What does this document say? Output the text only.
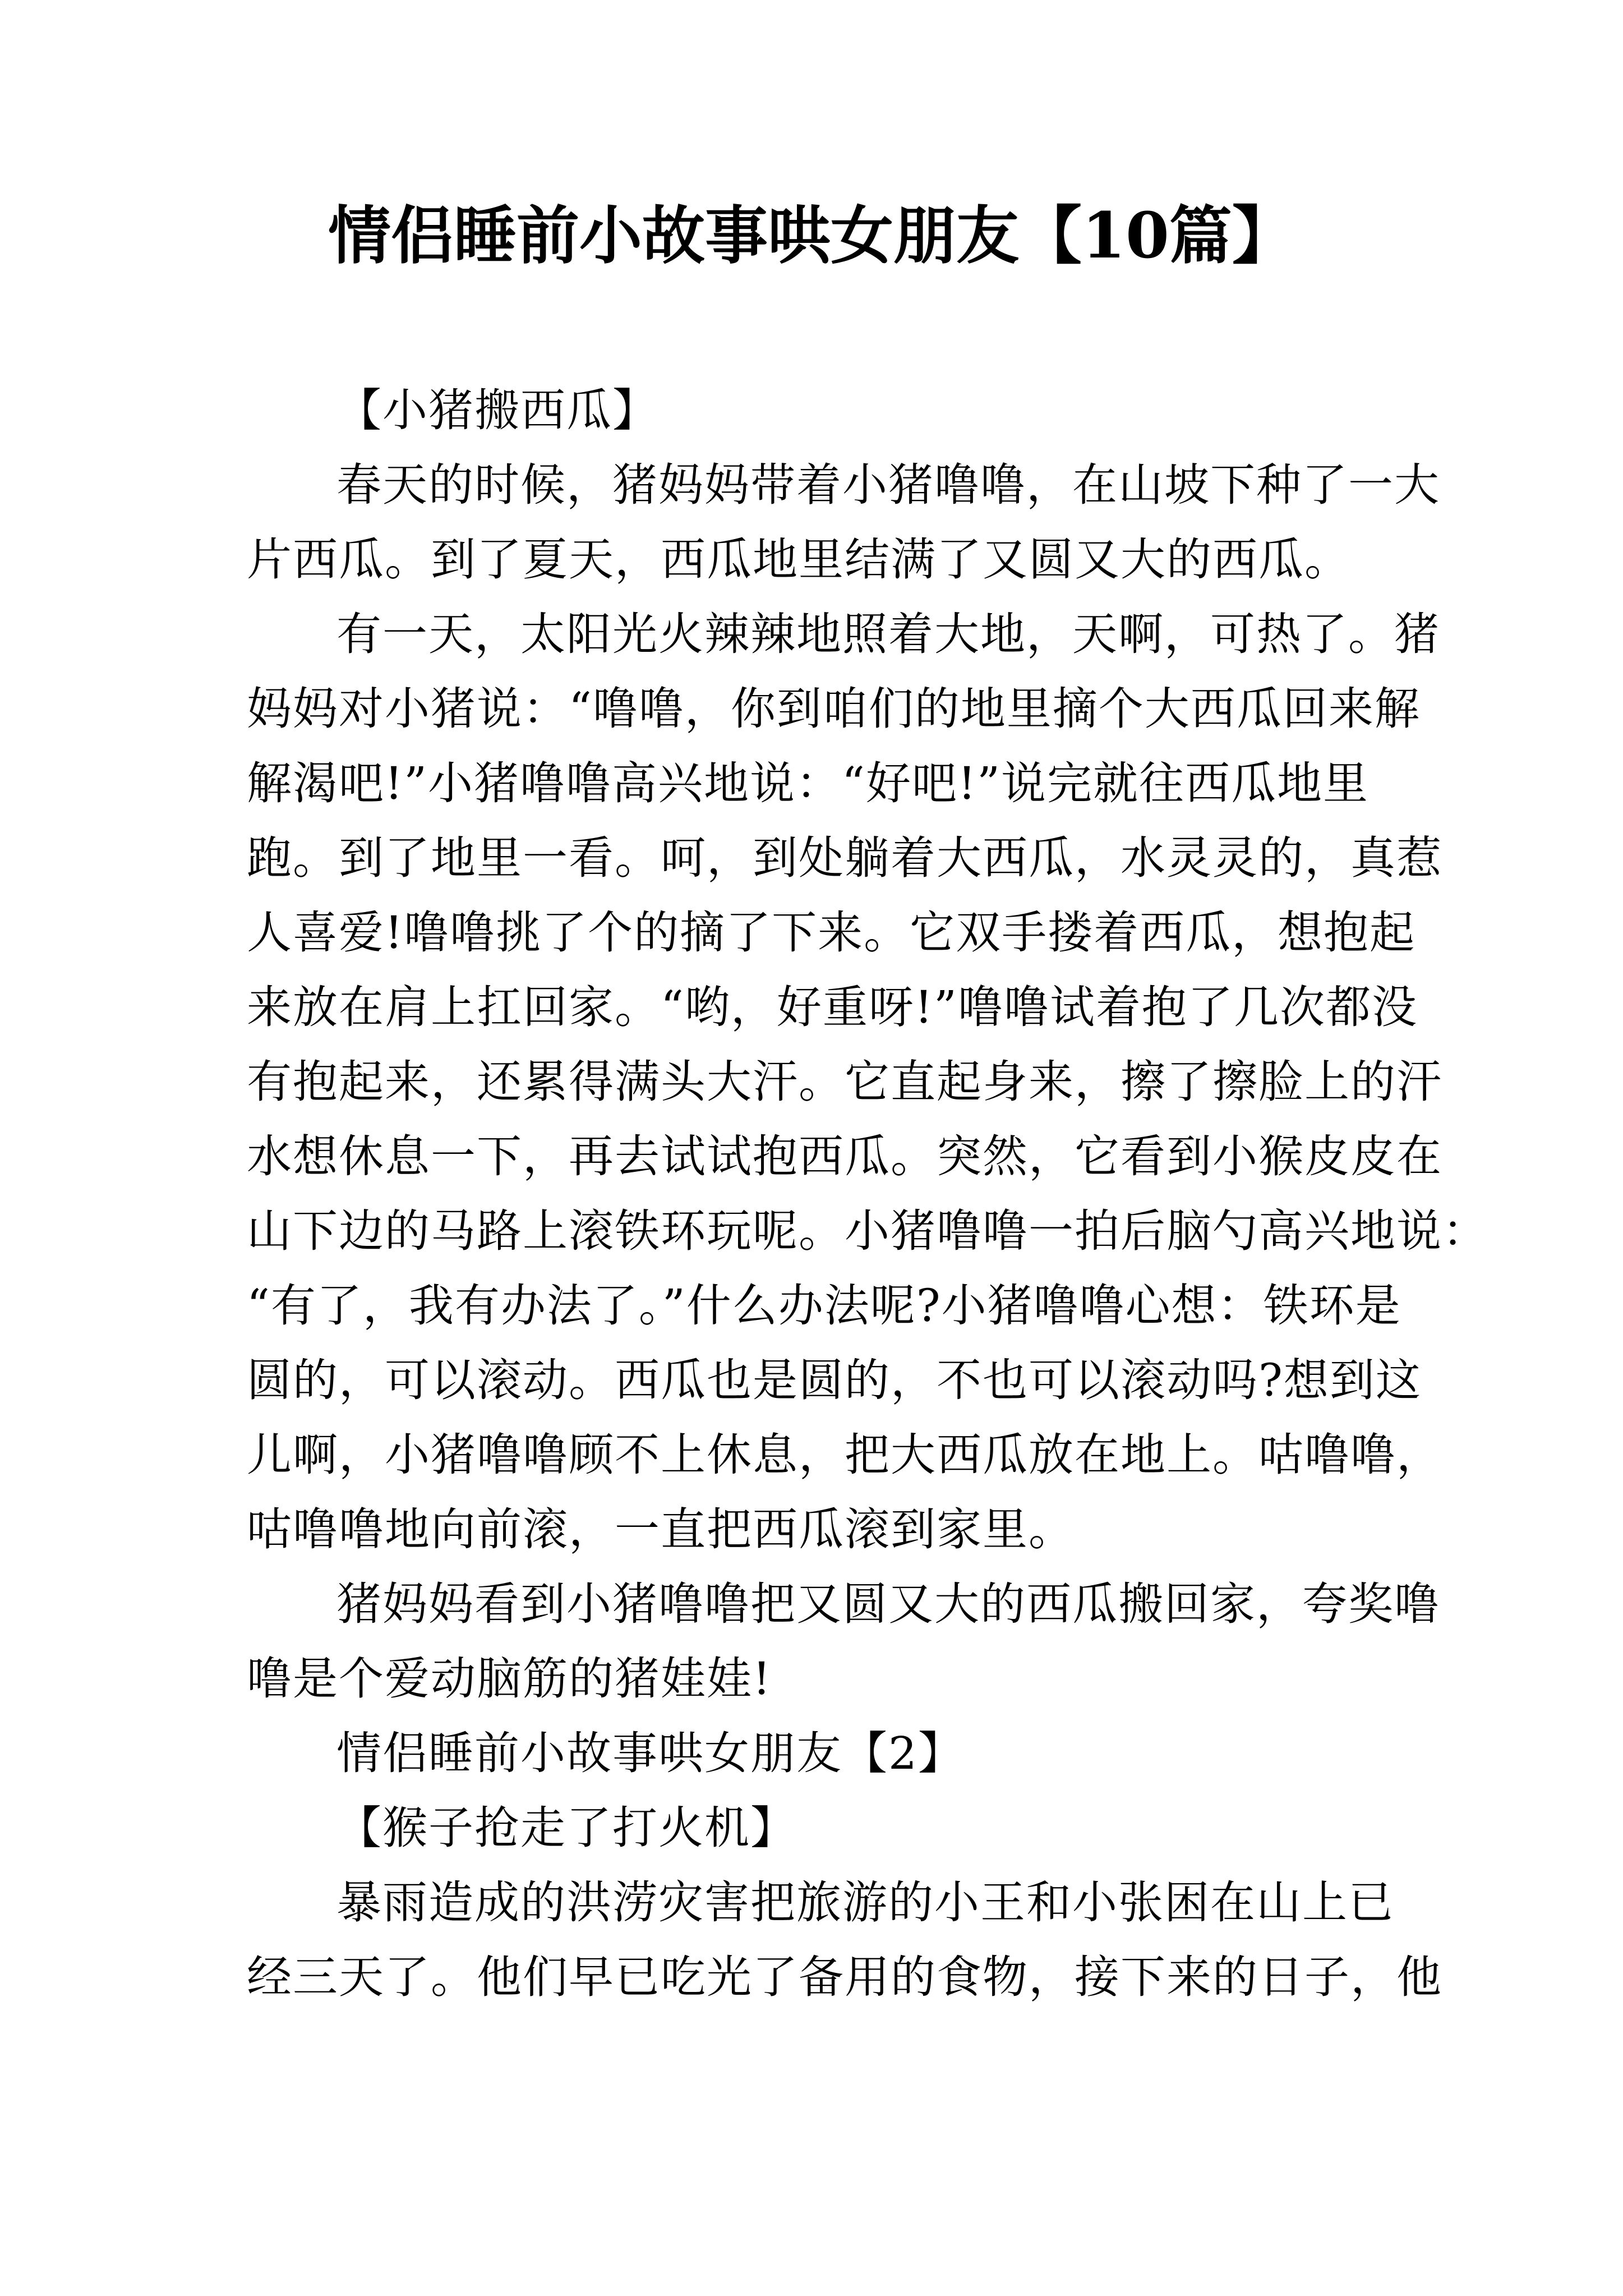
情侣睡前小故事哄女朋友【10篇】
【小猪搬西瓜】
春天的时候，猪妈妈带着小猪噜噜，在山坡下种了一大
片西瓜。到了夏天，西瓜地里结满了又圆又大的西瓜。
有一天，太阳光火辣辣地照着大地，天啊，可热了。猪
妈妈对小猪说：“噜噜，你到咱们的地里摘个大西瓜回来解
解渴吧!”小猪噜噜高兴地说：“好吧!”说完就往西瓜地里
跑。到了地里一看。呵，到处躺着大西瓜，水灵灵的，真惹
人喜爱!噜噜挑了个的摘了下来。它双手搂着西瓜，想抱起
来放在肩上扛回家。“哟，好重呀!”噜噜试着抱了几次都没
有抱起来，还累得满头大汗。它直起身来，擦了擦脸上的汗
水想休息一下，再去试试抱西瓜。突然，它看到小猴皮皮在
山下边的马路上滚铁环玩呢。小猪噜噜一拍后脑勺高兴地说：
“有了，我有办法了。”什么办法呢?小猪噜噜心想：铁环是
圆的，可以滚动。西瓜也是圆的，不也可以滚动吗?想到这
儿啊，小猪噜噜顾不上休息，把大西瓜放在地上。咕噜噜，
咕噜噜地向前滚，一直把西瓜滚到家里。
猪妈妈看到小猪噜噜把又圆又大的西瓜搬回家，夸奖噜
噜是个爱动脑筋的猪娃娃!
情侣睡前小故事哄女朋友【2】
【猴子抢走了打火机】
暴雨造成的洪涝灾害把旅游的小王和小张困在山上已
经三天了。他们早已吃光了备用的食物，接下来的日子，他
